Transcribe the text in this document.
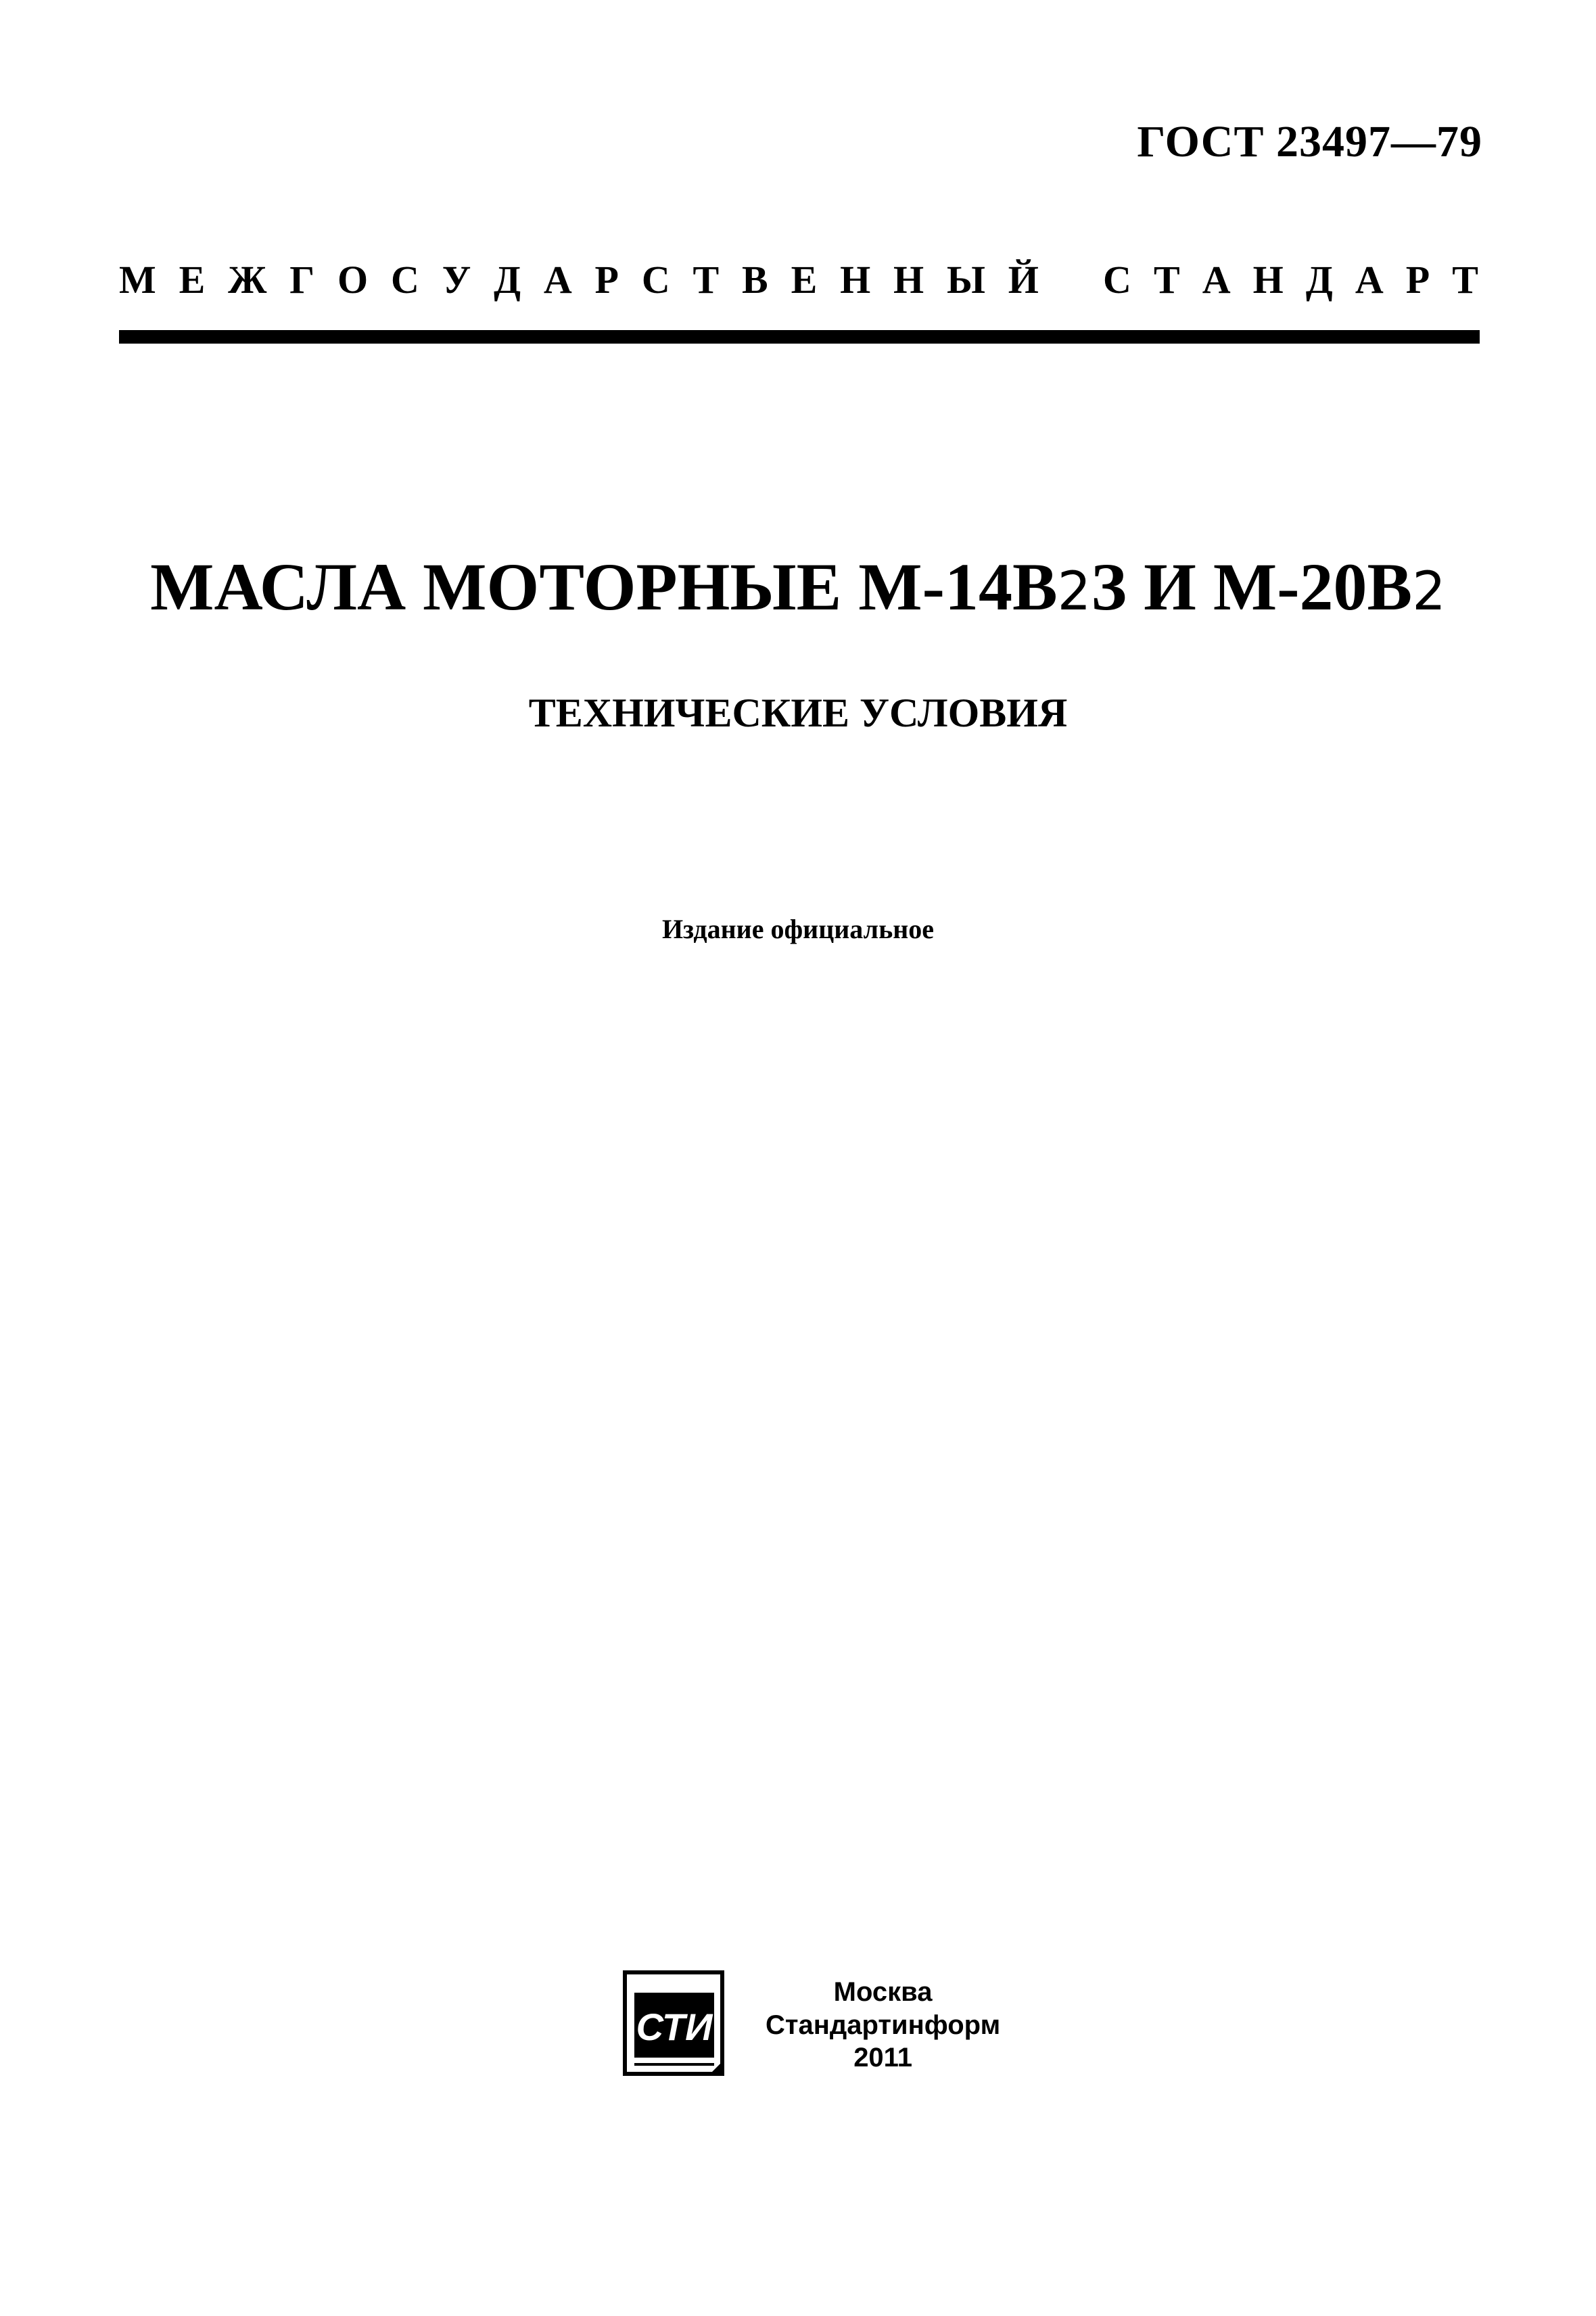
ГОСТ 23497—79
М Е Ж Г О С У Д А Р С Т В Е Н Н Ы Й С Т А Н Д А Р Т
МАСЛА МОТОРНЫЕ М-14В2З И М-20В2
ТЕХНИЧЕСКИЕ УСЛОВИЯ
Издание официальное
СТИ
Москва
Стандартинформ
2011
